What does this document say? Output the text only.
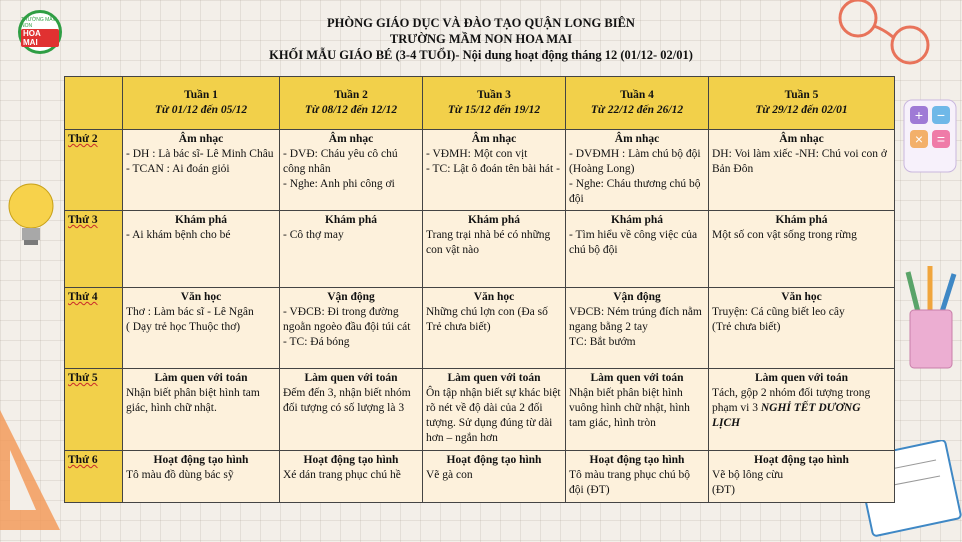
+ −
× =
TRƯỜNG MẦM NON
HOA MAI
PHÒNG GIÁO DỤC VÀ ĐÀO TẠO QUẬN LONG BIÊN
TRƯỜNG MẦM NON HOA MAI
KHỐI MẪU GIÁO BÉ (3-4 TUỔI)- Nội dung hoạt động tháng 12 (01/12- 02/01)

	Tuần 1
Từ 01/12 đến 05/12	Tuần 2
Từ 08/12 đến 12/12	Tuần 3
Từ 15/12 đến 19/12	Tuần 4
Từ 22/12 đến 26/12	Tuần 5
Từ 29/12 đến 02/01

Thứ 2	Âm nhạc
- DH : Là bác sĩ- Lê Minh Châu
- TCAN : Ai đoán giỏi	Âm nhạc
- DVĐ: Cháu yêu cô chú công nhân
- Nghe: Anh phi công ơi	Âm nhạc
- VĐMH: Một con vịt
- TC: Lật ô đoán tên bài hát -	Âm nhạc
- DVĐMH : Làm chú bộ đội (Hoàng Long)
- Nghe: Cháu thương chú bộ đội	Âm nhạc
DH: Voi làm xiếc -NH: Chú voi con ở Bản Đôn

Thứ 3	Khám phá
- Ai khám bệnh cho bé	Khám phá
- Cô thợ may	Khám phá
Trang trại nhà bé có những con vật nào	Khám phá
- Tìm hiểu về công việc của chú bộ đội	Khám phá
Một số con vật sống trong rừng

Thứ 4	Văn học
Thơ : Làm bác sĩ - Lê Ngân
( Dạy trẻ học Thuộc thơ)	Vận động
- VĐCB: Đi trong đường ngoằn ngoèo đầu đội túi cát
- TC: Đá bóng	Văn học
Những chú lợn con (Đa số Trẻ chưa biết)	Vận động
VĐCB: Ném trúng đích nằm ngang bằng 2 tay
TC: Bắt bướm	Văn học
Truyện: Cá cũng biết leo cây
(Trẻ chưa biết)

Thứ 5	Làm quen với toán
Nhận biết phân biệt hình tam giác, hình chữ nhật.	Làm quen với toán
Đếm đến 3, nhận biết nhóm đối tượng có số lượng là 3	Làm quen với toán
Ôn tập nhận biết sự khác biệt rõ nét về độ dài của 2 đối tượng. Sử dụng đúng từ dài hơn – ngắn hơn	Làm quen với toán
Nhận biết phân biệt hình vuông hình chữ nhật, hình tam giác, hình tròn	Làm quen với toán
Tách, gộp 2 nhóm đối tượng trong phạm vi 3 NGHỈ TẾT DƯƠNG LỊCH
Thứ 6	Hoạt động tạo hình
Tô màu đồ dùng bác sỹ	Hoạt động tạo hình
Xé dán trang phục chú hề	Hoạt động tạo hình
Vẽ gà con	Hoạt động tạo hình
Tô màu trang phục chú bộ đội (ĐT)	Hoạt động tạo hình
Vẽ bộ lông cừu
(ĐT)
